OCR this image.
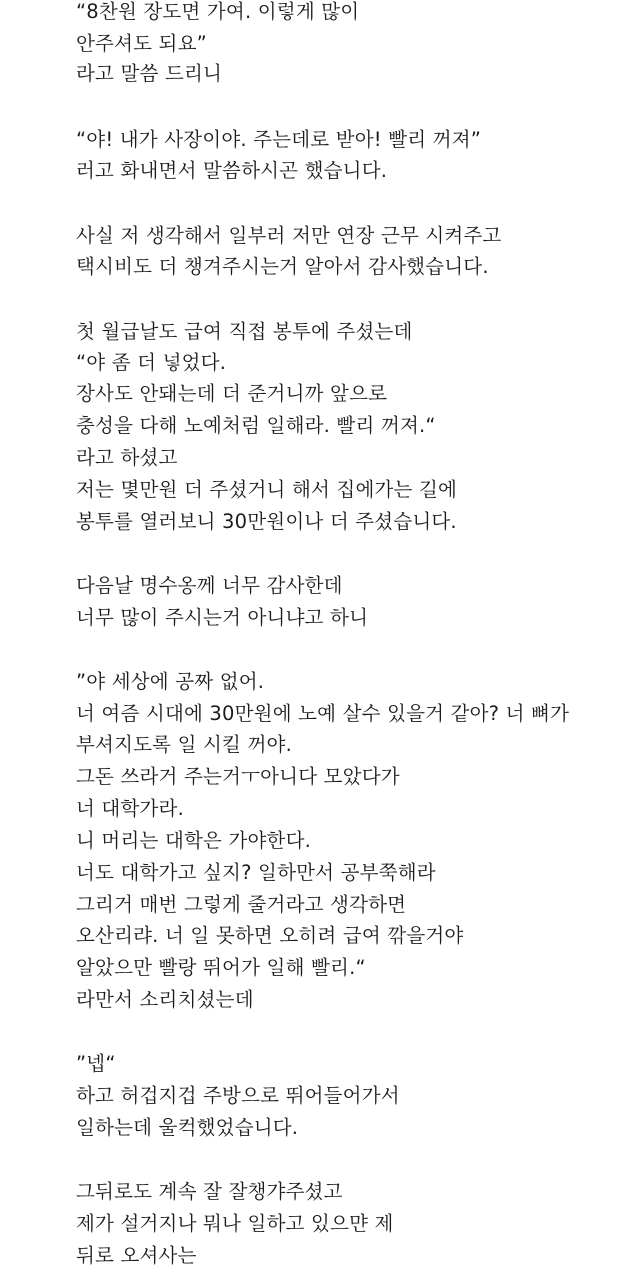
“8찬원 장도면 가여. 이렇게 많이

안주셔도 되요”

라고 말씀 드리니

“야! 내가 사장이야. 주는데로 받아! 빨리 꺼져”

러고 화내면서 말씀하시곤 했습니다.

사실 저 생각해서 일부러 저만 연장 근무 시켜주고

택시비도 더 챙겨주시는거 알아서 감사했습니다.

첫 월급날도 급여 직접 봉투에 주셨는데

“야 좀 더 넣었다.

장사도 안돼는데 더 준거니까 앞으로

충성을 다해 노예처럼 일해라. 빨리 꺼져.“

라고 하셨고

저는 몇만원 더 주셨거니 해서 집에가는 길에

봉투를 열러보니 30만원이나 더 주셨습니다.

다음날 명수옹께 너무 감사한데

너무 많이 주시는거 아니냐고 하니

”야 세상에 공짜 없어.

너 여즘 시대에 30만원에 노예 살수 있을거 같아? 너 뼈가

부셔지도록 일 시킬 꺼야.

그돈 쓰라거 주는거ㅜ아니다 모았다가

너 대학가라.

니 머리는 대학은 가야한다.

너도 대학가고 싶지? 일하만서 공부쭉해라

그리거 매번 그렇게 줄거라고 생각하면

오산리랴. 너 일 못하면 오히려 급여 깎을거야

알았으만 빨랑 뛰어가 일해 빨리.“

라만서 소리치셨는데

”넵“

하고 허겁지겁 주방으로 뛰어들어가서

일하는데 울컥했었습니다.

그뒤로도 계속 잘 잘챙갸주셨고

제가 설거지나 뭐나 일하고 있으먄 제

뒤로 오셔사는
